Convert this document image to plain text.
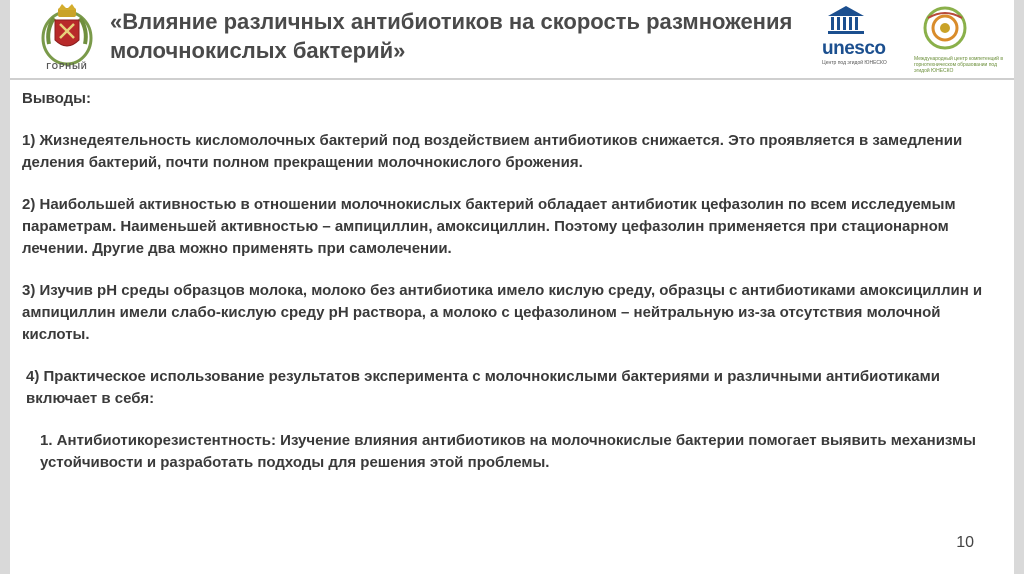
ГОРНЫЙ
«Влияние различных антибиотиков на скорость размножения молочнокислых бактерий»	unesco
Центр под эгидой ЮНЕСКО
Международный центр компетенций в горнотехническом образовании под эгидой ЮНЕСКО

Выводы:

1) Жизнедеятельность кисломолочных бактерий под воздействием антибиотиков снижается. Это проявляется в замедлении деления бактерий, почти полном прекращении молочнокислого брожения.

2) Наибольшей активностью в отношении молочнокислых бактерий обладает антибиотик цефазолин по всем исследуемым параметрам. Наименьшей активностью – ампициллин, амоксициллин. Поэтому цефазолин применяется при стационарном лечении. Другие два можно применять при самолечении.

3) Изучив pH среды образцов молока, молоко без антибиотика имело кислую среду, образцы с антибиотиками амоксициллин и ампициллин имели слабо-кислую среду pH раствора, а молоко с цефазолином – нейтральную из-за отсутствия молочной кислоты.

4) Практическое использование результатов эксперимента с молочнокислыми бактериями и различными антибиотиками включает в себя:

1. Антибиотикорезистентность: Изучение влияния антибиотиков на молочнокислые бактерии помогает выявить механизмы устойчивости и разработать подходы для решения этой проблемы.

10
